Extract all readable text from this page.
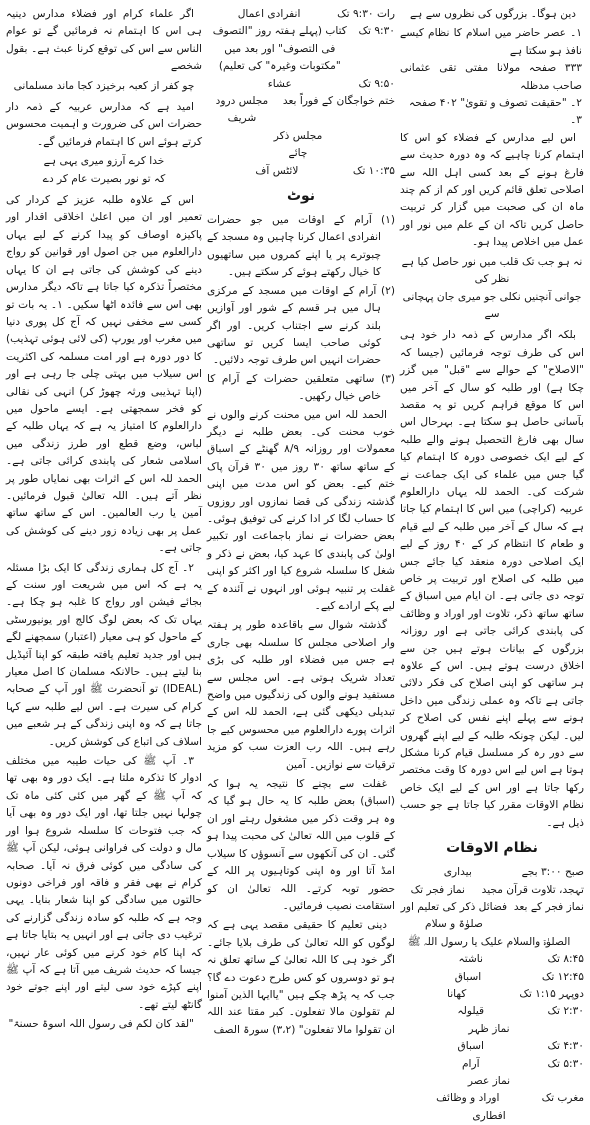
دین ہوگا۔ بزرگوں کی نظروں سے ہے

۱۔ عصر حاضر میں اسلام کا نظام کیسے نافذ ہو سکتا ہے

۳۳۳ صفحہ مولانا مفتی تقی عثمانی صاحب مدظلہ

۲۔ "حقیقت تصوف و تقویٰ" ۴۰۲ صفحہ

۳۔

اس لیے مدارس کے فضلاء کو اس کا اہتمام کرنا چاہیے کہ وہ دورہ حدیث سے فارغ ہونے کے بعد کسی اہل اللہ سے اصلاحی تعلق قائم کریں اور کم از کم چند ماہ ان کی صحبت میں گزار کر تربیت حاصل کریں تاکہ ان کے علم میں نور اور عمل میں اخلاص پیدا ہو۔

نہ ہو جب تک قلب میں نور حاصل کیا ہے نظر کی
جوانی آنچنیں نکلی جو میری جان پہچانی سے

بلکہ اگر مدارس کے ذمہ دار خود ہی اس کی طرف توجہ فرمائیں (جیسا کہ "الاصلاح" کے حوالے سے "قبل" میں گزر چکا ہے) اور طلبہ کو سال کے آخر میں اس کا موقع فراہم کریں تو یہ مقصد بآسانی حاصل ہو سکتا ہے۔ بہرحال اس سال بھی فارغ التحصیل ہونے والے طلبہ کے لیے ایک خصوصی دورہ کا اہتمام کیا گیا جس میں علماء کی ایک جماعت نے شرکت کی۔ الحمد للہ یہاں دارالعلوم عربیہ (کراچی) میں اس کا اہتمام کیا جاتا ہے کہ سال کے آخر میں طلبہ کے لیے قیام و طعام کا انتظام کر کے ۴۰ روز کے لیے ایک اصلاحی دورہ منعقد کیا جائے جس میں طلبہ کی اصلاح اور تربیت پر خاص توجہ دی جاتی ہے۔ ان ایام میں اسباق کے ساتھ ساتھ ذکر، تلاوت اور اوراد و وظائف کی پابندی کرائی جاتی ہے اور روزانہ بزرگوں کے بیانات ہوتے ہیں جن سے اخلاق درست ہوتے ہیں۔ اس کے علاوہ ہر ساتھی کو اپنی اصلاح کی فکر دلائی جاتی ہے تاکہ وہ عملی زندگی میں داخل ہونے سے پہلے اپنے نفس کی اصلاح کر لیں۔ لیکن چونکہ طلبہ کے لیے اپنے گھروں سے دور رہ کر مسلسل قیام کرنا مشکل ہوتا ہے اس لیے اس دورہ کا وقت مختصر رکھا جاتا ہے اور اس کے لیے ایک خاص نظام الاوقات مقرر کیا جاتا ہے جو حسب ذیل ہے۔

نظام الاوقات
صبح ۳:۰۰ بجے
بیداری
تہجد، تلاوت قرآن مجید
نماز فجر تک
نماز فجر کے بعد
فضائل ذکر کی تعلیم اور صلوٰۃ و سلام
الصلوٰۃ والسلام علیک یا رسول اللہ ﷺ
۸:۴۵ تک
ناشتہ
۱۲:۴۵ تک
اسباق
دوپہر ۱:۱۵ تک
کھانا
۲:۳۰ تک
قیلولہ
نماز ظہر
۴:۳۰ تک
اسباق
۵:۳۰ تک
آرام
نماز عصر
مغرب تک
اوراد و وظائف
افطاری
رات ۹:۳۰ تک
انفرادی اعمال
۹:۳۰ تک
کتاب (پہلے ہفتہ روز "التصوف فی التصوف" اور بعد میں "مکتوبات وغیرہ" کی تعلیم)
۹:۵۰ تک
عشاء
ختم خواجگان کے فوراً بعد
مجلس درود شریف
مجلس ذکر
چائے
۱۰:۳۵ تک
لائٹس آف
نوٹ

(۱) آرام کے اوقات میں جو حضرات انفرادی اعمال کرنا چاہیں وہ مسجد کے چبوترے پر یا اپنے کمروں میں ساتھیوں کا خیال رکھتے ہوئے کر سکتے ہیں۔

(۲) آرام کے اوقات میں مسجد کے مرکزی ہال میں ہر قسم کے شور اور آوازیں بلند کرنے سے اجتناب کریں۔ اور اگر کوئی صاحب ایسا کریں تو ساتھی حضرات انہیں اس طرف توجہ دلائیں۔

(۳) ساتھی متعلقین حضرات کے آرام کا خاص خیال رکھیں۔

الحمد للہ اس میں محنت کرنے والوں نے خوب محنت کی۔ بعض طلبہ نے دیگر معمولات اور روزانہ ۸/۹ گھنٹے کے اسباق کے ساتھ ساتھ ۳۰ روز میں ۳۰ قرآن پاک ختم کیے۔ بعض کو اس مدت میں اپنی گذشتہ زندگی کی قضا نمازوں اور روزوں کا حساب لگا کر ادا کرنے کی توفیق ہوئی۔ بعض حضرات نے نماز باجماعت اور تکبیر اولیٰ کی پابندی کا عہد کیا، بعض نے ذکر و شغل کا سلسلہ شروع کیا اور اکثر کو اپنی غفلت پر تنبیہ ہوئی اور انہوں نے آئندہ کے لیے پکے ارادے کیے۔

گذشتہ شوال سے باقاعدہ طور پر ہفتہ وار اصلاحی مجلس کا سلسلہ بھی جاری ہے جس میں فضلاء اور طلبہ کی بڑی تعداد شریک ہوتی ہے۔ اس مجلس سے مستفید ہونے والوں کی زندگیوں میں واضح تبدیلی دیکھی گئی ہے، الحمد للہ اس کے اثرات پورے دارالعلوم میں محسوس کیے جا رہے ہیں۔ اللہ رب العزت سب کو مزید ترقیات سے نوازیں۔ آمین

غفلت سے بچنے کا نتیجہ یہ ہوا کہ (اسباق) بعض طلبہ کا یہ حال ہو گیا کہ وہ ہر وقت ذکر میں مشغول رہتے اور ان کے قلوب میں اللہ تعالیٰ کی محبت پیدا ہو گئی۔ ان کی آنکھوں سے آنسوؤں کا سیلاب امڈ آتا اور وہ اپنی کوتاہیوں پر اللہ کے حضور توبہ کرتے۔ اللہ تعالیٰ ان کو استقامت نصیب فرمائیں۔

دینی تعلیم کا حقیقی مقصد یہی ہے کہ لوگوں کو اللہ تعالیٰ کی طرف بلایا جائے۔ اگر خود ہی کا اللہ تعالیٰ کے ساتھ تعلق نہ ہو تو دوسروں کو کس طرح دعوت دے گا؟ جب کہ یہ پڑھ چکے ہیں "یاایہا الذین آمنوا لم تقولون مالا تفعلون۔ کبر مقتا عند اللہ ان تقولوا مالا تفعلون" (۳،۲) سورۃ الصف

اگر علماء کرام اور فضلاء مدارس دینیہ ہی اس کا اہتمام نہ فرمائیں گے تو عوام الناس سے اس کی توقع کرنا عبث ہے۔ بقول شخصے

چو کفر از کعبہ برخیزد کجا ماند مسلمانی

امید ہے کہ مدارس عربیہ کے ذمہ دار حضرات اس کی ضرورت و اہمیت محسوس کرتے ہوئے اس کا اہتمام فرمائیں گے۔

خدا کرے آرزو میری یہی ہے
کہ تو نور بصیرت عام کر دے

اس کے علاوہ طلبہ عزیز کے کردار کی تعمیر اور ان میں اعلیٰ اخلاقی اقدار اور پاکیزہ اوصاف کو پیدا کرنے کے لیے یہاں دارالعلوم میں جن اصول اور قوانین کو رواج دینے کی کوشش کی جاتی ہے ان کا یہاں مختصراً تذکرہ کیا جاتا ہے تاکہ دیگر مدارس بھی اس سے فائدہ اٹھا سکیں۔ ۱۔ یہ بات تو کسی سے مخفی نہیں کہ آج کل پوری دنیا میں مغرب اور یورپ (کی لائی ہوئی تہذیب) کا دور دورہ ہے اور امت مسلمہ کی اکثریت اس سیلاب میں بہتی چلی جا رہی ہے اور (اپنا تہذیبی ورثہ چھوڑ کر) انہی کی نقالی کو فخر سمجھتی ہے۔ ایسے ماحول میں دارالعلوم کا امتیاز یہ ہے کہ یہاں طلبہ کے لباس، وضع قطع اور طرز زندگی میں اسلامی شعار کی پابندی کرائی جاتی ہے۔ الحمد للہ اس کے اثرات بھی نمایاں طور پر نظر آتے ہیں۔ اللہ تعالیٰ قبول فرمائیں۔ آمین یا رب العالمین۔ اس کے ساتھ ساتھ عمل پر بھی زیادہ زور دینے کی کوشش کی جاتی ہے۔

۲۔ آج کل ہماری زندگی کا ایک بڑا مسئلہ یہ ہے کہ اس میں شریعت اور سنت کے بجائے فیشن اور رواج کا غلبہ ہو چکا ہے۔ یہاں تک کہ بعض لوگ کالج اور یونیورسٹی کے ماحول کو ہی معیار (اعتبار) سمجھنے لگے ہیں اور جدید تعلیم یافتہ طبقہ کو اپنا آئیڈیل بنا لیتے ہیں۔ حالانکہ مسلمان کا اصل معیار (IDEAL) تو آنحضرت ﷺ اور آپ کے صحابہ کرام کی سیرت ہے۔ اس لیے طلبہ سے کہا جاتا ہے کہ وہ اپنی زندگی کے ہر شعبے میں اسلاف کی اتباع کی کوشش کریں۔

۳۔ آپ ﷺ کی حیات طیبہ میں مختلف ادوار کا تذکرہ ملتا ہے۔ ایک دور وہ بھی تھا کہ آپ ﷺ کے گھر میں کئی کئی ماہ تک چولہا نہیں جلتا تھا، اور ایک دور وہ بھی آیا کہ جب فتوحات کا سلسلہ شروع ہوا اور مال و دولت کی فراوانی ہوئی، لیکن آپ ﷺ کی سادگی میں کوئی فرق نہ آیا۔ صحابہ کرام نے بھی فقر و فاقہ اور فراخی دونوں حالتوں میں سادگی کو اپنا شعار بنایا۔ یہی وجہ ہے کہ طلبہ کو سادہ زندگی گزارنے کی ترغیب دی جاتی ہے اور انہیں یہ بتایا جاتا ہے کہ اپنا کام خود کرنے میں کوئی عار نہیں، جیسا کہ حدیث شریف میں آتا ہے کہ آپ ﷺ اپنے کپڑے خود سی لیتے اور اپنے جوتے خود گانٹھ لیتے تھے۔

"لقد کان لکم فی رسول اللہ اسوۃ حسنۃ"
